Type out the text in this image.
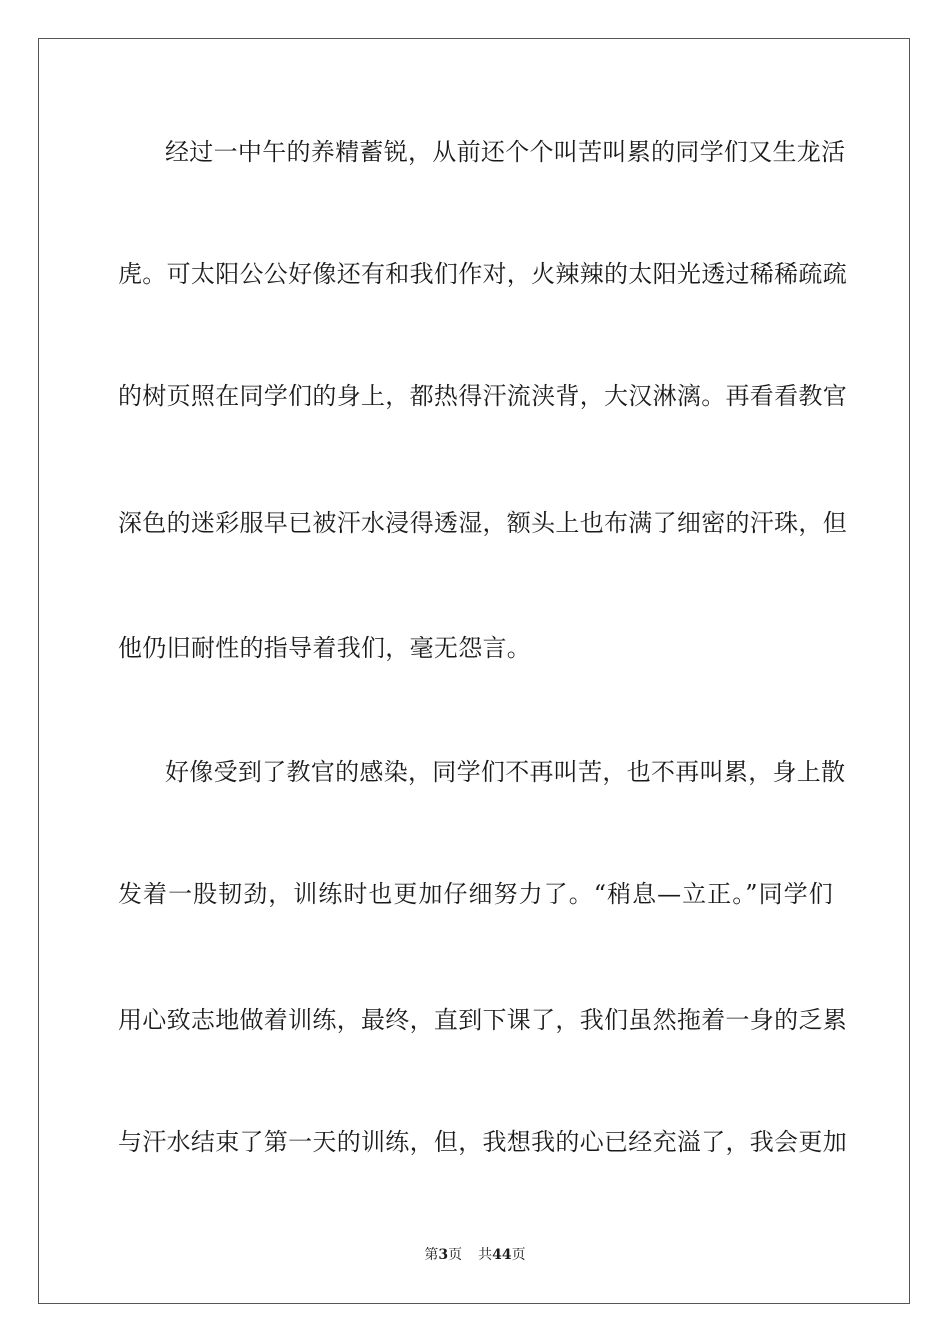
经过一中午的养精蓄锐，从前还个个叫苦叫累的同学们又生龙活
虎。可太阳公公好像还有和我们作对，火辣辣的太阳光透过稀稀疏疏
的树页照在同学们的身上，都热得汗流浃背，大汉淋漓。再看看教官
深色的迷彩服早已被汗水浸得透湿，额头上也布满了细密的汗珠，但
他仍旧耐性的指导着我们，毫无怨言。
好像受到了教官的感染，同学们不再叫苦，也不再叫累，身上散
发着一股韧劲，训练时也更加仔细努力了。“稍息—立正。”同学们
用心致志地做着训练，最终，直到下课了，我们虽然拖着一身的乏累
与汗水结束了第一天的训练，但，我想我的心已经充溢了，我会更加
第3页 共44页
